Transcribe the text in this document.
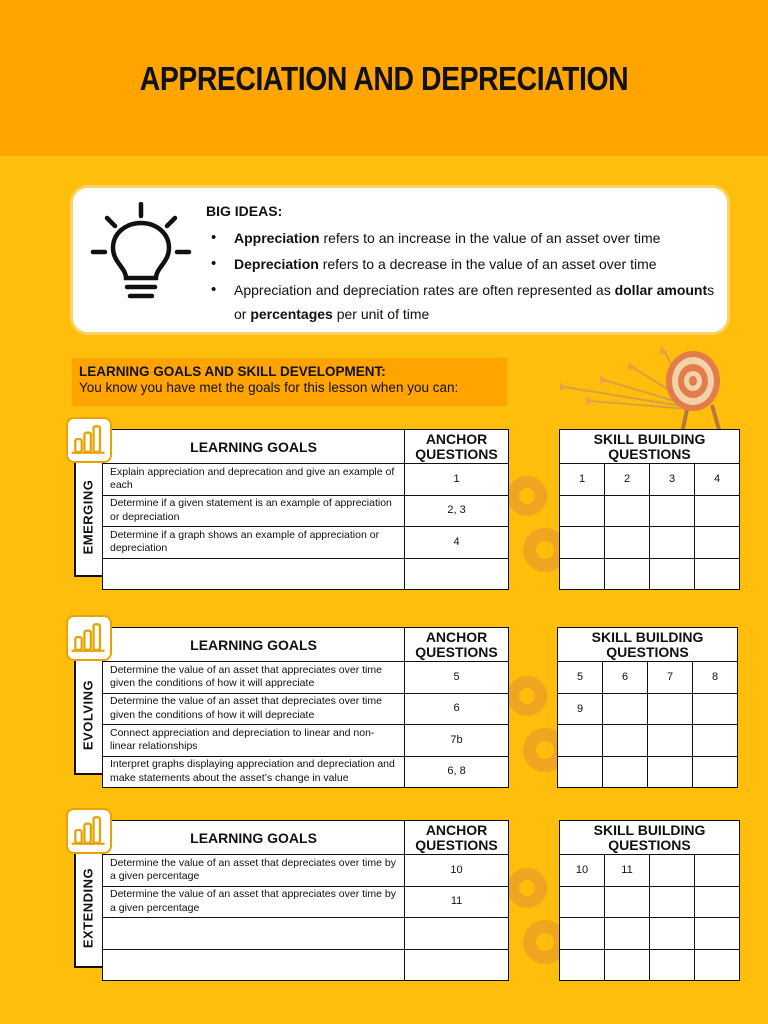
APPRECIATION AND DEPRECIATION
BIG IDEAS:
• Appreciation refers to an increase in the value of an asset over time
• Depreciation refers to a decrease in the value of an asset over time
• Appreciation and depreciation rates are often represented as dollar amounts or percentages per unit of time
LEARNING GOALS AND SKILL DEVELOPMENT:
You know you have met the goals for this lesson when you can:
EMERGING
LEARNING GOALS	ANCHOR QUESTIONS
Explain appreciation and deprecation and give an example of each	1
Determine if a given statement is an example of appreciation or depreciation	2, 3
Determine if a graph shows an example of appreciation or depreciation	4

SKILL BUILDING QUESTIONS			
1	2	3	4

EVOLVING
LEARNING GOALS	ANCHOR QUESTIONS
Determine the value of an asset that appreciates over time given the conditions of how it will appreciate	5
Determine the value of an asset that depreciates over time given the conditions of how it will depreciate	6
Connect appreciation and depreciation to linear and non-linear relationships	7b
Interpret graphs displaying appreciation and depreciation and make statements about the asset’s change in value	6, 8
SKILL BUILDING QUESTIONS			
5	6	7	8
9			

EXTENDING
LEARNING GOALS	ANCHOR QUESTIONS
Determine the value of an asset that depreciates over time by a given percentage	10
Determine the value of an asset that appreciates over time by a given percentage	11

SKILL BUILDING QUESTIONS			
10	11		
